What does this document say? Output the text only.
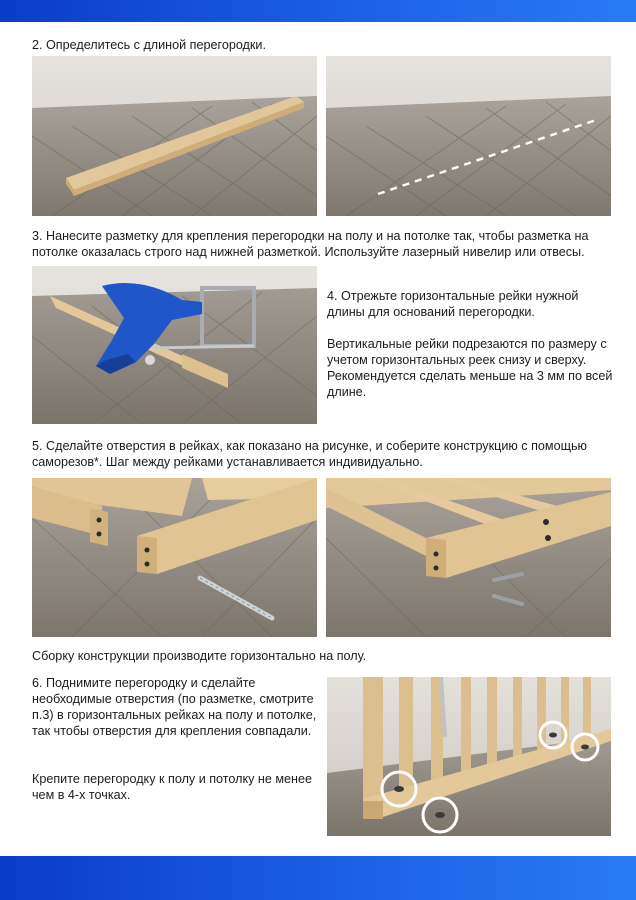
2. Определитесь с длиной перегородки.
3. Нанесите разметку для крепления перегородки на полу и на потолке так, чтобы разметка на потолке оказалась строго над нижней разметкой. Используйте лазерный нивелир или отвесы.
4. Отрежьте горизонтальные рейки нужной длины для оснований перегородки.
Вертикальные рейки подрезаются по размеру с учетом горизонтальных реек снизу и сверху. Рекомендуется сделать меньше на 3 мм по всей длине.
5. Сделайте отверстия в рейках, как показано на рисунке, и соберите конструкцию с помощью саморезов*. Шаг между рейками устанавливается индивидуально.
Сборку конструкции производите горизонтально на полу.
6. Поднимите перегородку и сделайте необходимые отверстия (по разметке, смотрите п.3) в горизонтальных рейках на полу и потолке, так чтобы отверстия для крепления совпадали.
Крепите перегородку к полу и потолку не менее чем в 4-х точках.
